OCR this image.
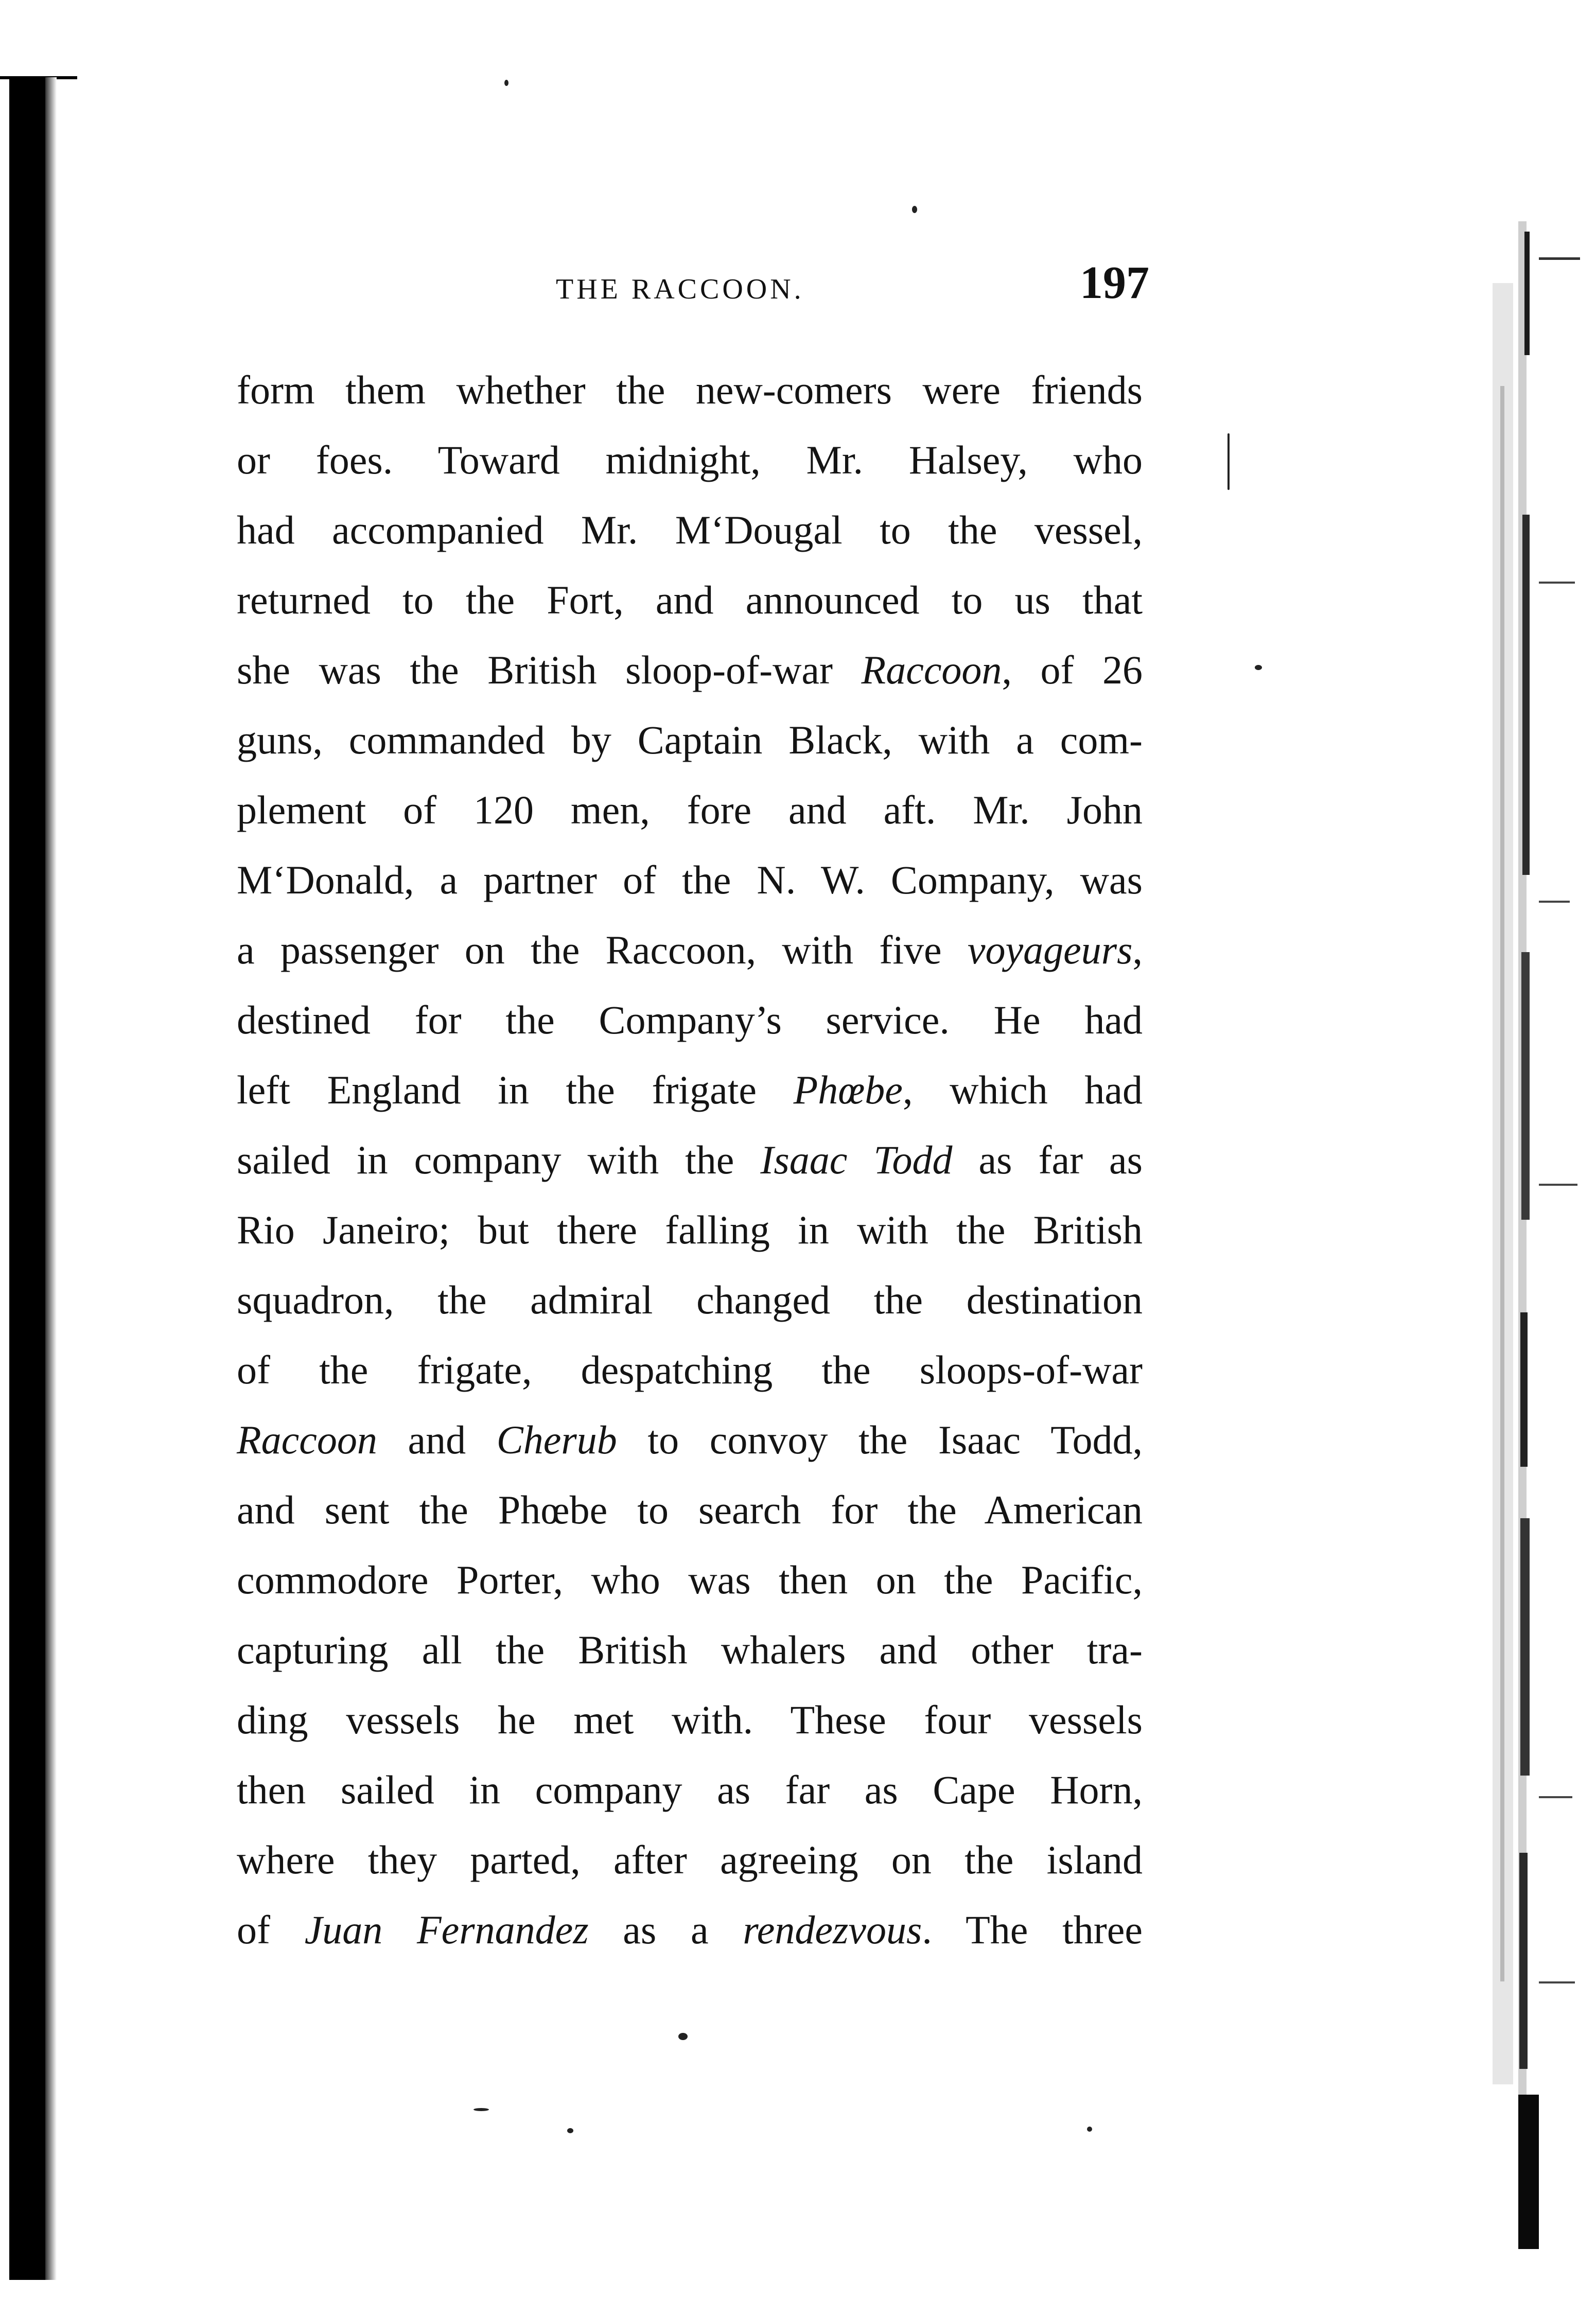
THE RACCOON.	197
form them whether the new-comers were friends
or foes. Toward midnight, Mr. Halsey, who
had accompanied Mr. M‘Dougal to the vessel,
returned to the Fort, and announced to us that
she was the British sloop-of-war Raccoon, of 26
guns, commanded by Captain Black, with a com-
plement of 120 men, fore and aft. Mr. John
M‘Donald, a partner of the N. W. Company, was
a passenger on the Raccoon, with five voyageurs,
destined for the Company’s service. He had
left England in the frigate Phœbe, which had
sailed in company with the Isaac Todd as far as
Rio Janeiro; but there falling in with the British
squadron, the admiral changed the destination
of the frigate, despatching the sloops-of-war
Raccoon and Cherub to convoy the Isaac Todd,
and sent the Phœbe to search for the American
commodore Porter, who was then on the Pacific,
capturing all the British whalers and other tra-
ding vessels he met with. These four vessels
then sailed in company as far as Cape Horn,
where they parted, after agreeing on the island
of Juan Fernandez as a rendezvous. The three
